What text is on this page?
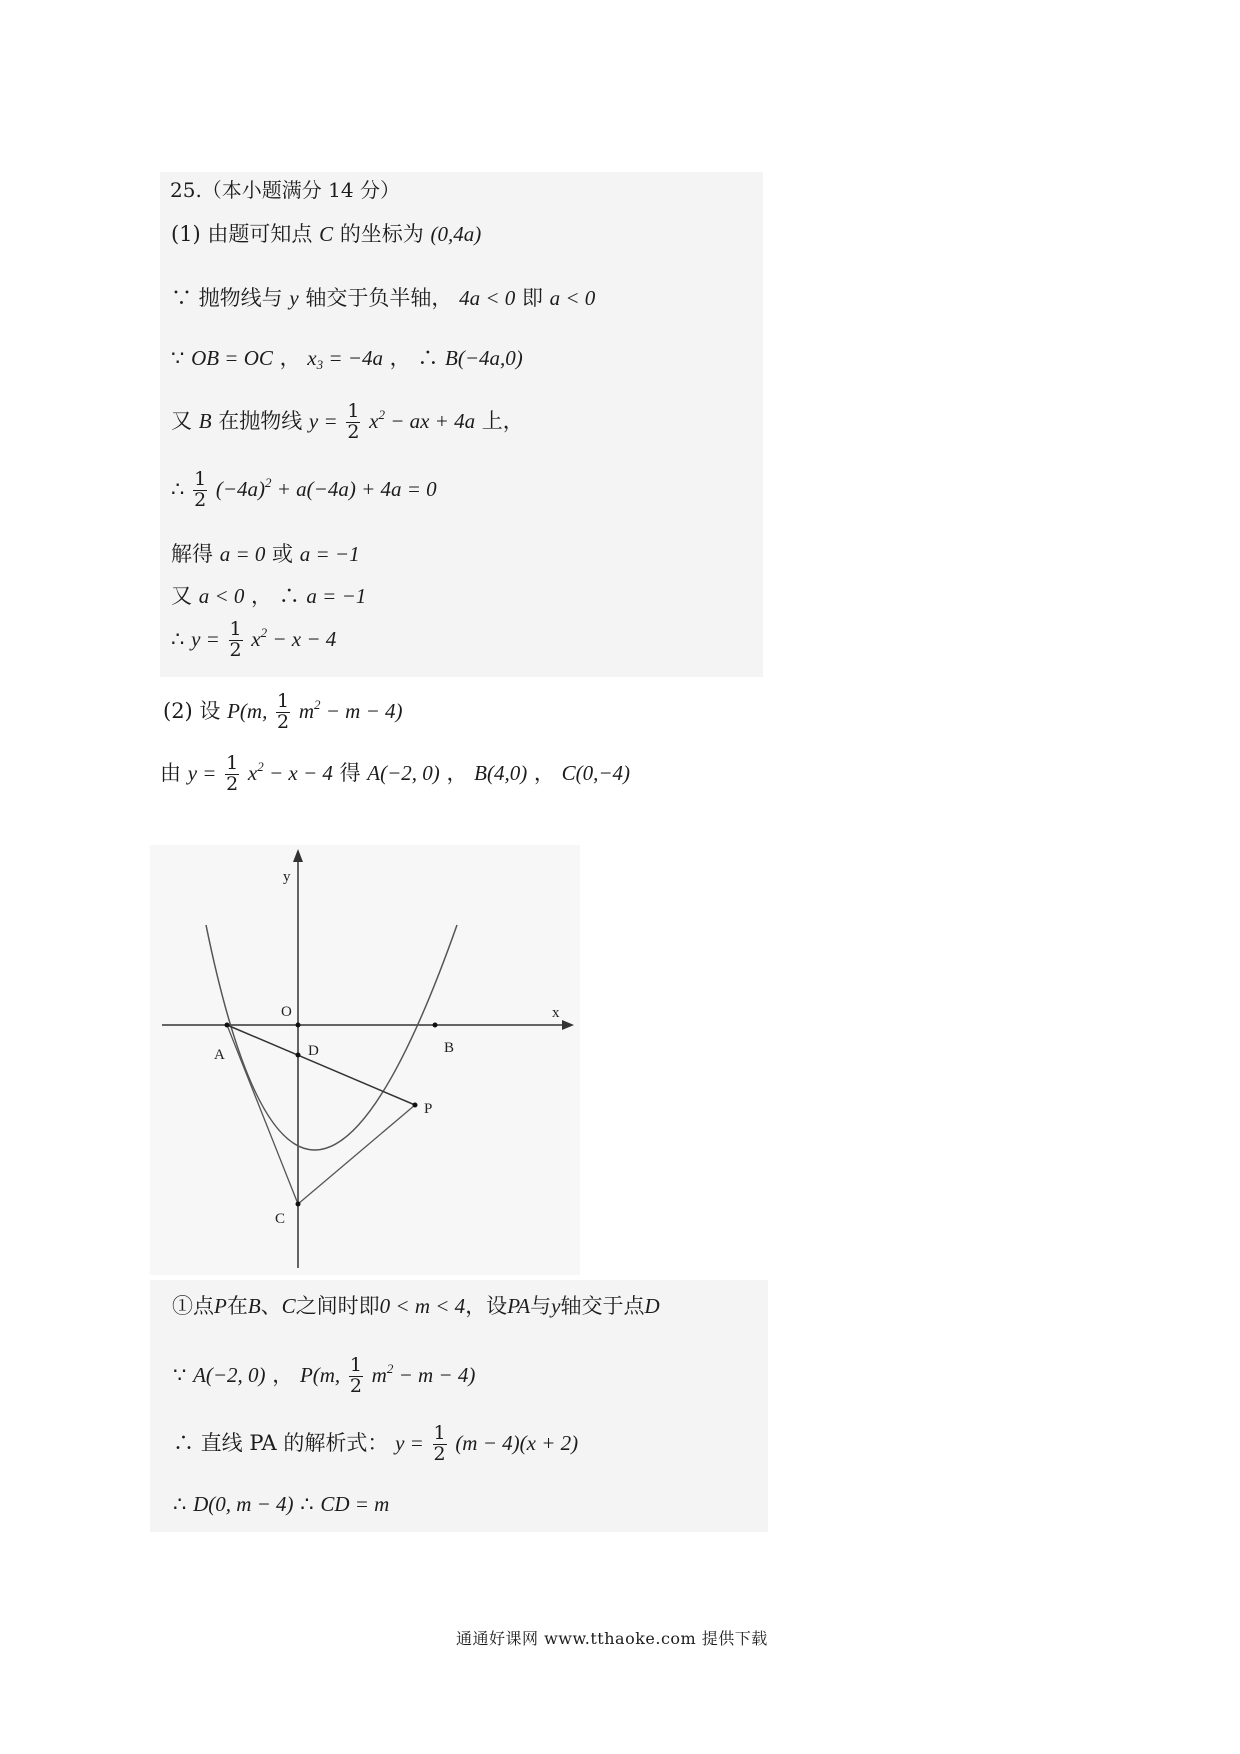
25.（本小题满分 14 分）
(1) 由题可知点 C 的坐标为 (0,4a)
∵ 抛物线与 y 轴交于负半轴， 4a < 0 即 a < 0
∵ OB = OC ， $x_3 = -4a$ ， ∴ B(−4a,0)
又 B 在抛物线 $y = \frac{1}{2} x^2$ − ax + 4a 上，
∴ $\frac{1}{2} (-4a)^2 + a(-4a) + 4a = 0$
解得 a = 0 或 a = −1
又 a < 0 ， ∴ a = −1
∴ $y = \frac{1}{2} x^2 - x - 4$
(2) 设 P(m, $\frac{1}{2} m^2 - m - 4$)
由 $y = \frac{1}{2} x^2 - x - 4$ 得 A(−2, 0) ， B(4,0) ， C(0,−4)
y
x
O
A	B
D
P
C
①点P在B、C之间时即0 < m < 4，设PA与y轴交于点D
∵ A(−2, 0) ， P(m, $\frac{1}{2} m^2 - m - 4$)
∴ 直线 PA 的解析式： $y = \frac{1}{2} (m - 4)(x + 2)$
∴ D(0, m − 4) ∴ CD = m
通通好课网 www.tthaoke.com 提供下载
